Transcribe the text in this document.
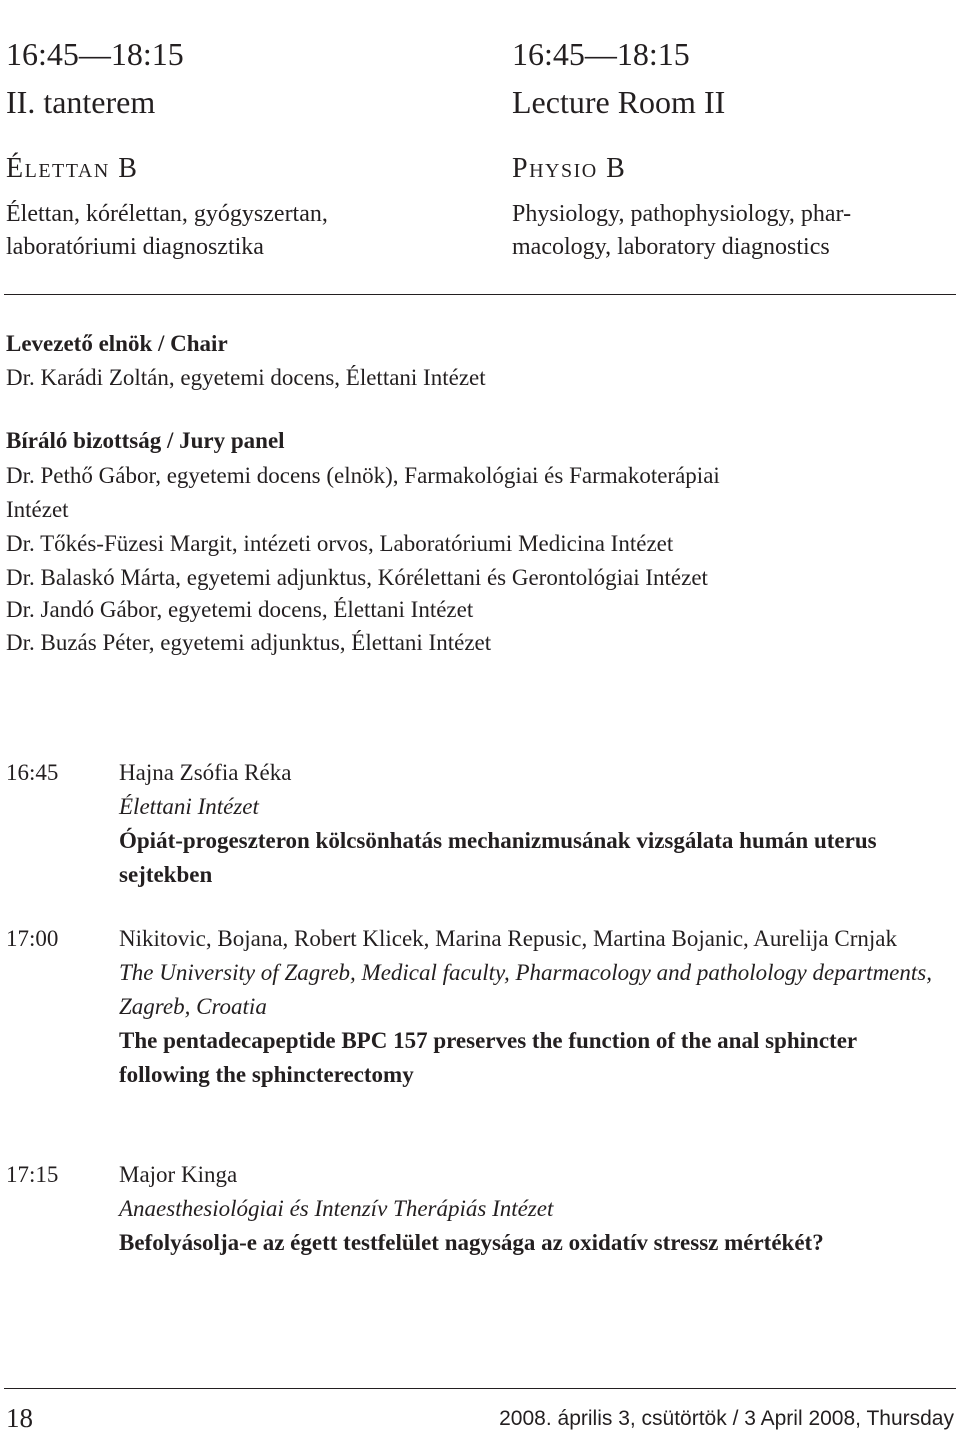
16:45—18:15
II. tanterem
Élettan B
Élettan, kórélettan, gyógyszertan,
laboratóriumi diagnosztika
16:45—18:15
Lecture Room II
Physio B
Physiology, pathophysiology, phar-
macology, laboratory diagnostics
Levezető elnök / Chair
Dr. Karádi Zoltán, egyetemi docens, Élettani Intézet
Bíráló bizottság / Jury panel
Dr. Pethő Gábor, egyetemi docens (elnök), Farmakológiai és Farmakoterápiai
Intézet
Dr. Tőkés-Füzesi Margit, intézeti orvos, Laboratóriumi Medicina Intézet
Dr. Balaskó Márta, egyetemi adjunktus, Kórélettani és Gerontológiai Intézet
Dr. Jandó Gábor, egyetemi docens, Élettani Intézet
Dr. Buzás Péter, egyetemi adjunktus, Élettani Intézet
16:45	Hajna Zsófia Réka
Élettani Intézet
Ópiát-progeszteron kölcsönhatás mechanizmusának vizsgálata humán uterus sejtekben
17:00	Nikitovic, Bojana, Robert Klicek, Marina Repusic, Martina Bojanic, Aurelija Crnjak
The University of Zagreb, Medical faculty, Pharmacology and patholology departments, Zagreb, Croatia
The pentadecapeptide BPC 157 preserves the function of the anal sphincter following the sphincterectomy
17:15	Major Kinga
Anaesthesiológiai és Intenzív Therápiás Intézet
Befolyásolja-e az égett testfelület nagysága az oxidatív stressz mértékét?
18	2008. április 3, csütörtök / 3 April 2008, Thursday
